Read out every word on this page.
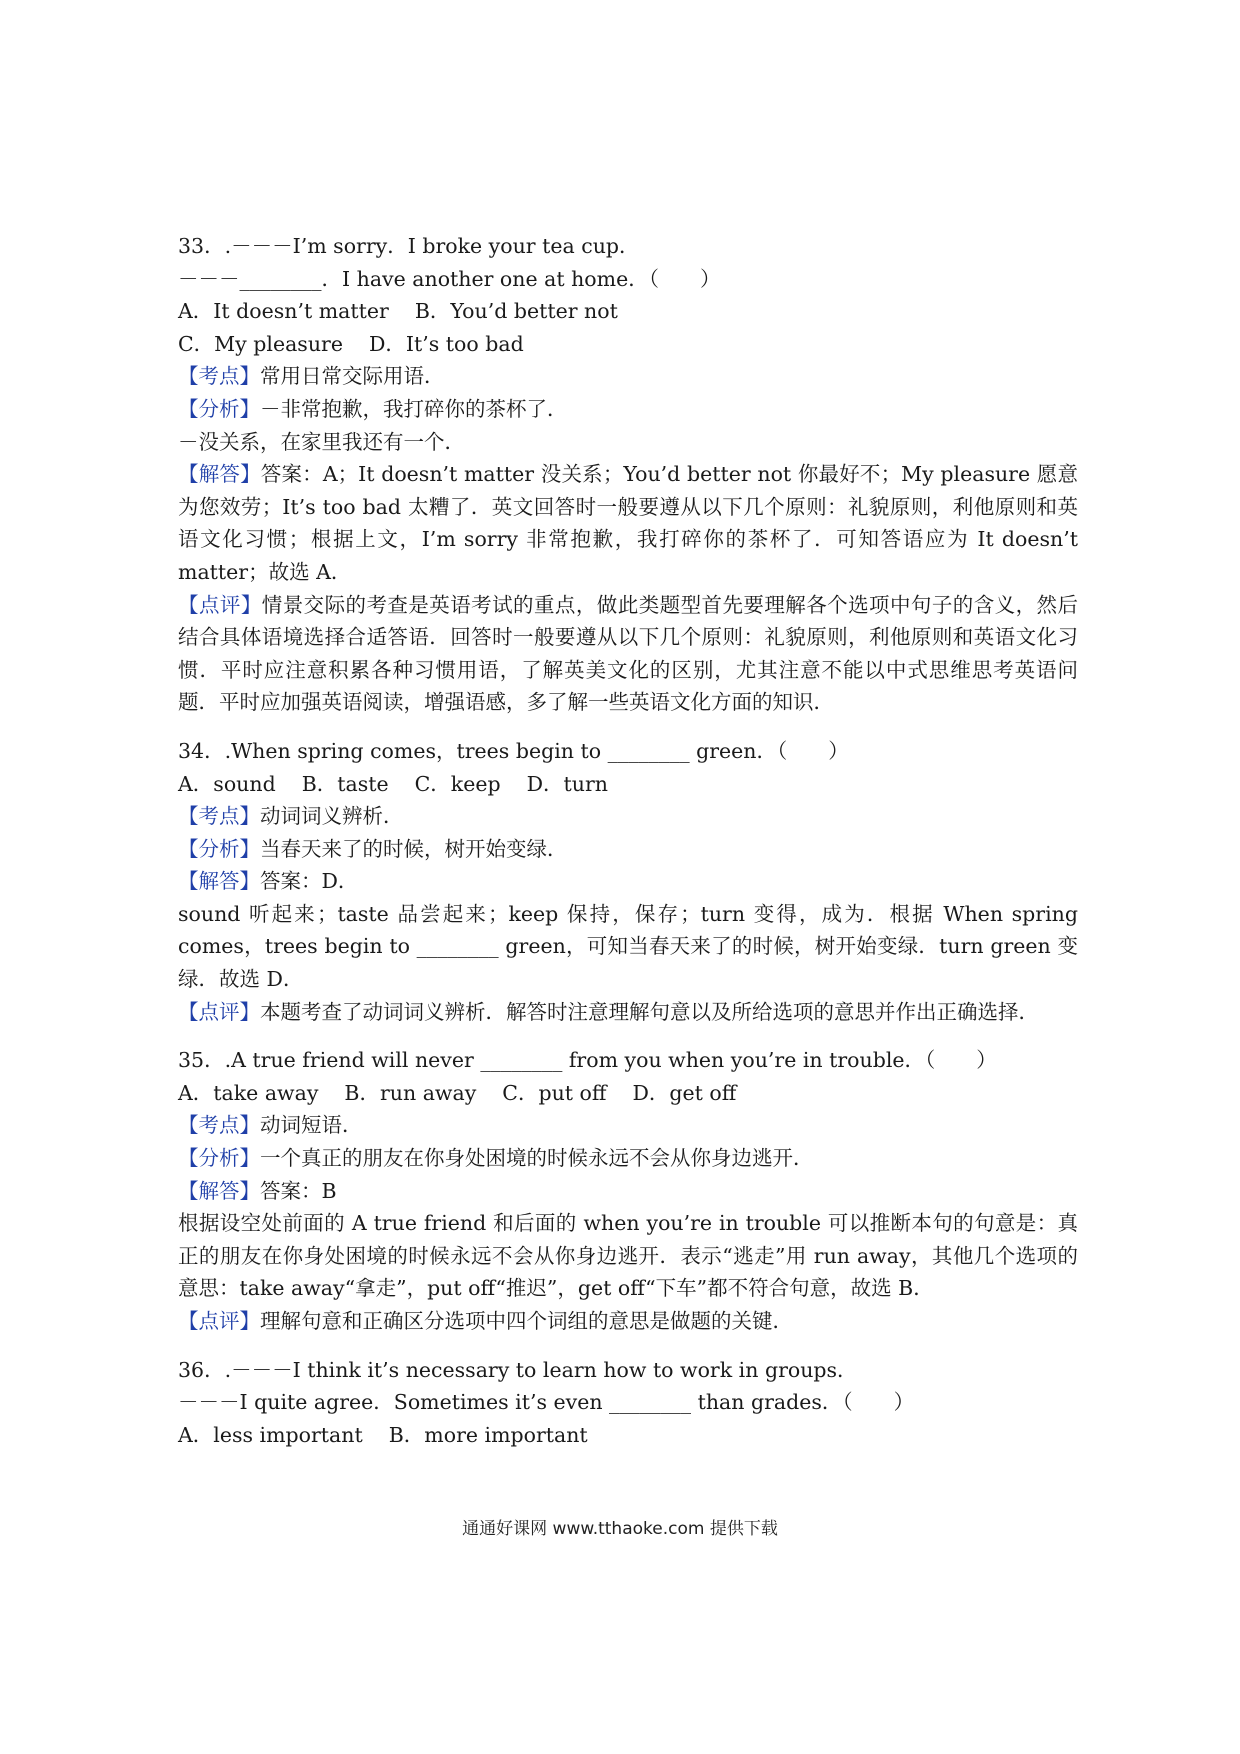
33．.－－－I’m sorry．I broke your tea cup．
－－－________．I have another one at home．（　　）
A．It doesn’t matter B．You’d better not
C．My pleasure D．It’s too bad
【考点】常用日常交际用语．
【分析】－非常抱歉，我打碎你的茶杯了．
－没关系，在家里我还有一个．
【解答】答案：A；It doesn’t matter 没关系；You’d better not 你最好不；My pleasure 愿意为您效劳；It’s too bad 太糟了．英文回答时一般要遵从以下几个原则：礼貌原则，利他原则和英语文化习惯；根据上文，I’m sorry 非常抱歉，我打碎你的茶杯了．可知答语应为 It doesn’t matter；故选 A．
【点评】情景交际的考查是英语考试的重点，做此类题型首先要理解各个选项中句子的含义，然后结合具体语境选择合适答语．回答时一般要遵从以下几个原则：礼貌原则，利他原则和英语文化习惯．平时应注意积累各种习惯用语，了解英美文化的区别，尤其注意不能以中式思维思考英语问题．平时应加强英语阅读，增强语感，多了解一些英语文化方面的知识．
34．.When spring comes，trees begin to ________ green．（　　）
A．sound B．taste C．keep D．turn
【考点】动词词义辨析．
【分析】当春天来了的时候，树开始变绿．
【解答】答案：D．
sound 听起来；taste 品尝起来；keep 保持，保存；turn 变得，成为．根据 When spring comes，trees begin to ________ green，可知当春天来了的时候，树开始变绿．turn green 变绿．故选 D．
【点评】本题考查了动词词义辨析．解答时注意理解句意以及所给选项的意思并作出正确选择．
35．.A true friend will never ________ from you when you’re in trouble．（　　）
A．take away B．run away C．put off D．get off
【考点】动词短语．
【分析】一个真正的朋友在你身处困境的时候永远不会从你身边逃开．
【解答】答案：B
根据设空处前面的 A true friend 和后面的 when you’re in trouble 可以推断本句的句意是：真正的朋友在你身处困境的时候永远不会从你身边逃开．表示“逃走”用 run away，其他几个选项的意思：take away“拿走”，put off“推迟”，get off“下车”都不符合句意，故选 B．
【点评】理解句意和正确区分选项中四个词组的意思是做题的关键．
36．.－－－I think it’s necessary to learn how to work in groups．
－－－I quite agree．Sometimes it’s even ________ than grades．（　　）
A．less important B．more important
通通好课网 www.tthaoke.com 提供下载
